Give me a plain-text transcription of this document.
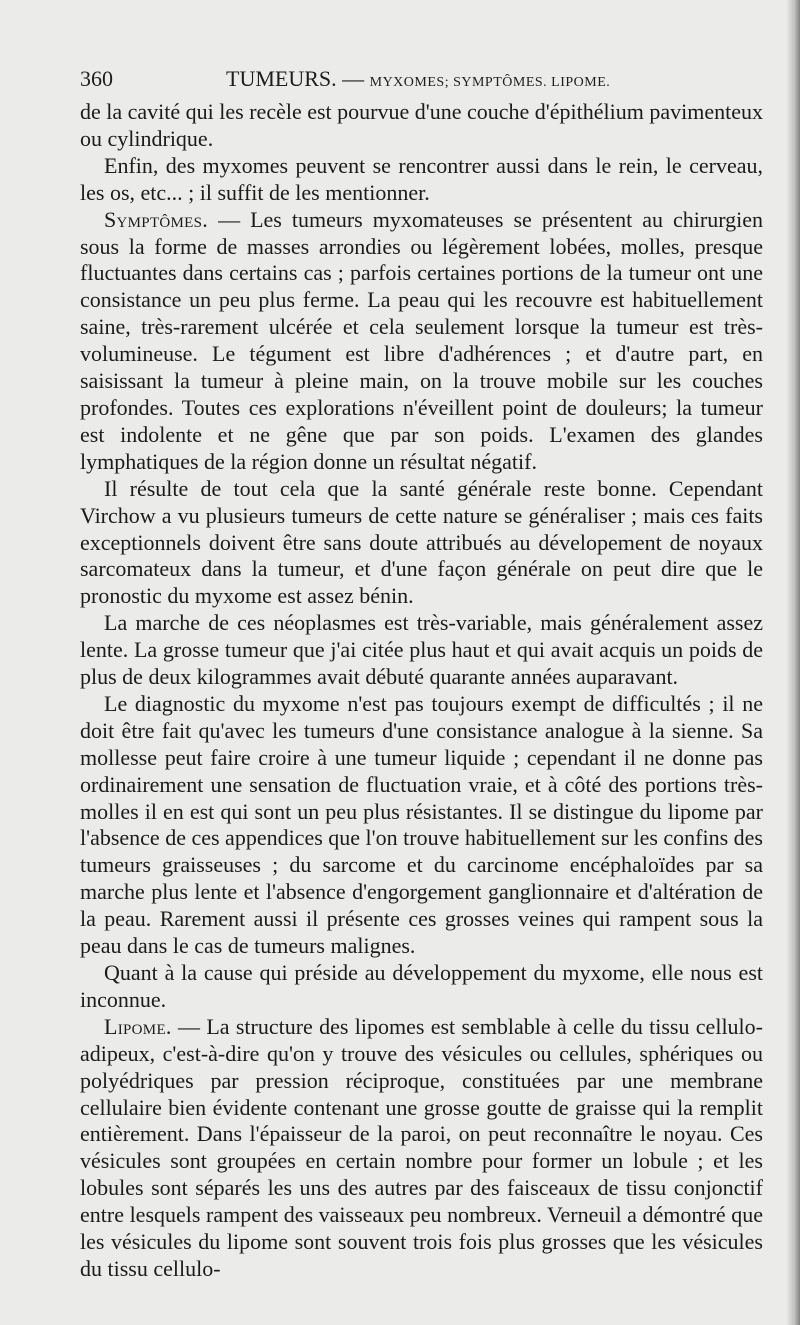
360	TUMEURS. — MYXOMES; SYMPTÔMES. LIPOME.

de la cavité qui les recèle est pourvue d'une couche d'épithélium pavimenteux ou cylindrique.

Enfin, des myxomes peuvent se rencontrer aussi dans le rein, le cerveau, les os, etc... ; il suffit de les mentionner.

Symptômes. — Les tumeurs myxomateuses se présentent au chirurgien sous la forme de masses arrondies ou légèrement lobées, molles, presque fluctuantes dans certains cas ; parfois certaines portions de la tumeur ont une consistance un peu plus ferme. La peau qui les recouvre est habituellement saine, très-rarement ulcérée et cela seulement lorsque la tumeur est très-volumineuse. Le tégument est libre d'adhérences ; et d'autre part, en saisissant la tumeur à pleine main, on la trouve mobile sur les couches profondes. Toutes ces explorations n'éveillent point de douleurs; la tumeur est indolente et ne gêne que par son poids. L'examen des glandes lymphatiques de la région donne un résultat négatif.

Il résulte de tout cela que la santé générale reste bonne. Cependant Virchow a vu plusieurs tumeurs de cette nature se généraliser ; mais ces faits exceptionnels doivent être sans doute attribués au dévelopement de noyaux sarcomateux dans la tumeur, et d'une façon générale on peut dire que le pronostic du myxome est assez bénin.

La marche de ces néoplasmes est très-variable, mais généralement assez lente. La grosse tumeur que j'ai citée plus haut et qui avait acquis un poids de plus de deux kilogrammes avait débuté quarante années auparavant.

Le diagnostic du myxome n'est pas toujours exempt de difficultés ; il ne doit être fait qu'avec les tumeurs d'une consistance analogue à la sienne. Sa mollesse peut faire croire à une tumeur liquide ; cependant il ne donne pas ordinairement une sensation de fluctuation vraie, et à côté des portions très-molles il en est qui sont un peu plus résistantes. Il se distingue du lipome par l'absence de ces appendices que l'on trouve habituellement sur les confins des tumeurs graisseuses ; du sarcome et du carcinome encéphaloïdes par sa marche plus lente et l'absence d'engorgement ganglionnaire et d'altération de la peau. Rarement aussi il présente ces grosses veines qui rampent sous la peau dans le cas de tumeurs malignes.

Quant à la cause qui préside au développement du myxome, elle nous est inconnue.

Lipome. — La structure des lipomes est semblable à celle du tissu cellulo-adipeux, c'est-à-dire qu'on y trouve des vésicules ou cellules, sphériques ou polyédriques par pression réciproque, constituées par une membrane cellulaire bien évidente contenant une grosse goutte de graisse qui la remplit entièrement. Dans l'épaisseur de la paroi, on peut reconnaître le noyau. Ces vésicules sont groupées en certain nombre pour former un lobule ; et les lobules sont séparés les uns des autres par des faisceaux de tissu conjonctif entre lesquels rampent des vaisseaux peu nombreux. Verneuil a démontré que les vésicules du lipome sont souvent trois fois plus grosses que les vésicules du tissu cellulo-
